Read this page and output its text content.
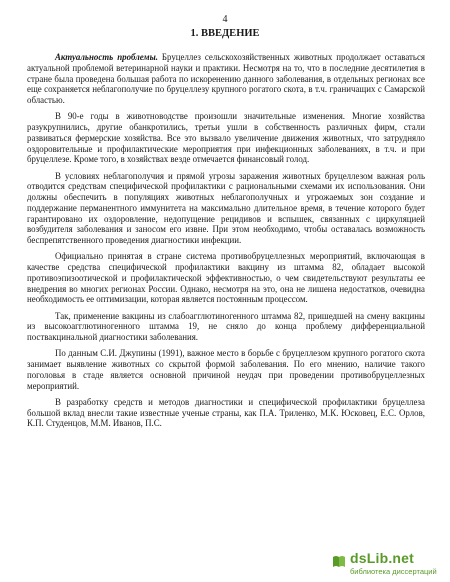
4
1. ВВЕДЕНИЕ

Актуальность проблемы. Бруцеллез сельскохозяйственных животных продолжает оставаться актуальной проблемой ветеринарной науки и практики. Несмотря на то, что в последние десятилетия в стране была проведена большая работа по искоренению данного заболевания, в отдельных регионах все еще сохраняется неблагополучие по бруцеллезу крупного рогатого скота, в т.ч. граничащих с Самарской областью.

В 90-е годы в животноводстве произошли значительные изменения. Многие хозяйства разукрупнились, другие обанкротились, третьи ушли в собственность различных фирм, стали развиваться фермерские хозяйства. Все это вызвало увеличение движения животных, что затрудняло оздоровительные и профилактические мероприятия при инфекционных заболеваниях, в т.ч. и при бруцеллезе. Кроме того, в хозяйствах везде отмечается финансовый голод.

В условиях неблагополучия и прямой угрозы заражения животных бруцеллезом важная роль отводится средствам специфической профилактики с рациональными схемами их использования. Они должны обеспечить в популяциях животных неблагополучных и угрожаемых зон создание и поддержание перманентного иммунитета на максимально длительное время, в течение которого будет гарантировано их оздоровление, недопущение рецидивов и вспышек, связанных с циркуляцией возбудителя заболевания и заносом его извне. При этом необходимо, чтобы оставалась возможность беспрепятственного проведения диагностики инфекции.

Официально принятая в стране система противобруцеллезных мероприятий, включающая в качестве средства специфической профилактики вакцину из штамма 82, обладает высокой противоэпизоотической и профилактической эффективностью, о чем свидетельствуют результаты ее внедрения во многих регионах России. Однако, несмотря на это, она не лишена недостатков, очевидна необходимость ее оптимизации, которая является постоянным процессом.

Так, применение вакцины из слабоагглютиногенного штамма 82, пришедшей на смену вакцины из высокоагглютиногенного штамма 19, не сняло до конца проблему дифференциальной поствакцинальной диагностики заболевания.

По данным С.И. Джупины (1991), важное место в борьбе с бруцеллезом крупного рогатого скота занимает выявление животных со скрытой формой заболевания. По его мнению, наличие такого поголовья в стаде является основной причиной неудач при проведении противобруцеллезных мероприятий.

В разработку средств и методов диагностики и специфической профилактики бруцеллеза большой вклад внесли такие известные ученые страны, как П.А. Триленко, М.К. Юсковец, Е.С. Орлов, К.П. Студенцов, М.М. Иванов, П.С.

dsLib.net
библиотека диссертаций
